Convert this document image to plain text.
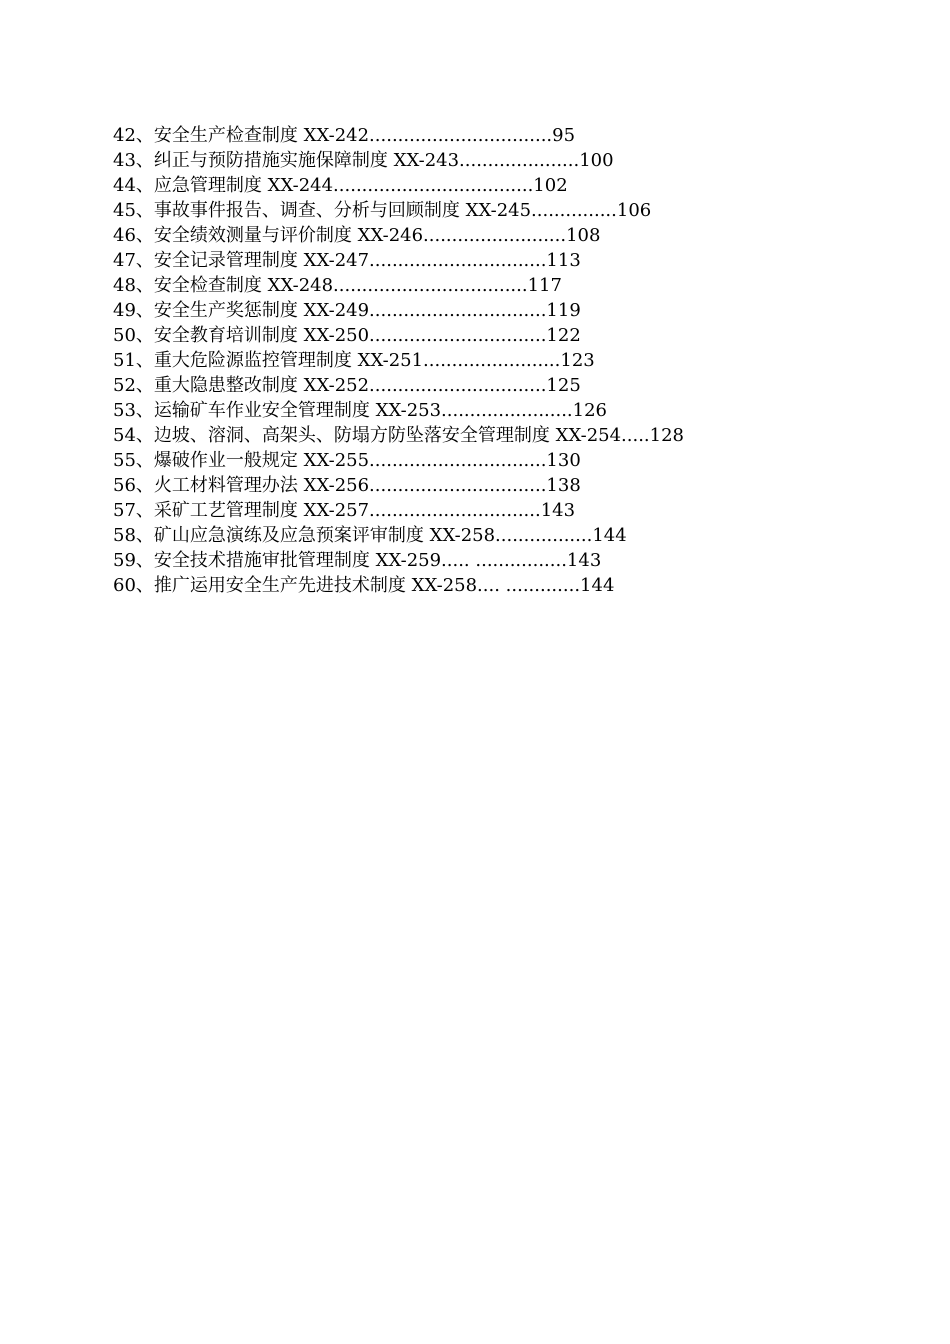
42、安全生产检查制度 XX-242................................95
43、纠正与预防措施实施保障制度 XX-243.....................100
44、应急管理制度 XX-244...................................102
45、事故事件报告、调查、分析与回顾制度 XX-245...............106
46、安全绩效测量与评价制度 XX-246.........................108
47、安全记录管理制度 XX-247...............................113
48、安全检查制度 XX-248..................................117
49、安全生产奖惩制度 XX-249...............................119
50、安全教育培训制度 XX-250...............................122
51、重大危险源监控管理制度 XX-251........................123
52、重大隐患整改制度 XX-252...............................125
53、运输矿车作业安全管理制度 XX-253.......................126
54、边坡、溶洞、高架头、防塌方防坠落安全管理制度 XX-254.....128
55、爆破作业一般规定 XX-255...............................130
56、火工材料管理办法 XX-256...............................138
57、采矿工艺管理制度 XX-257..............................143
58、矿山应急演练及应急预案评审制度 XX-258.................144
59、安全技术措施审批管理制度 XX-259..... ................143
60、推广运用安全生产先进技术制度 XX-258.... .............144
